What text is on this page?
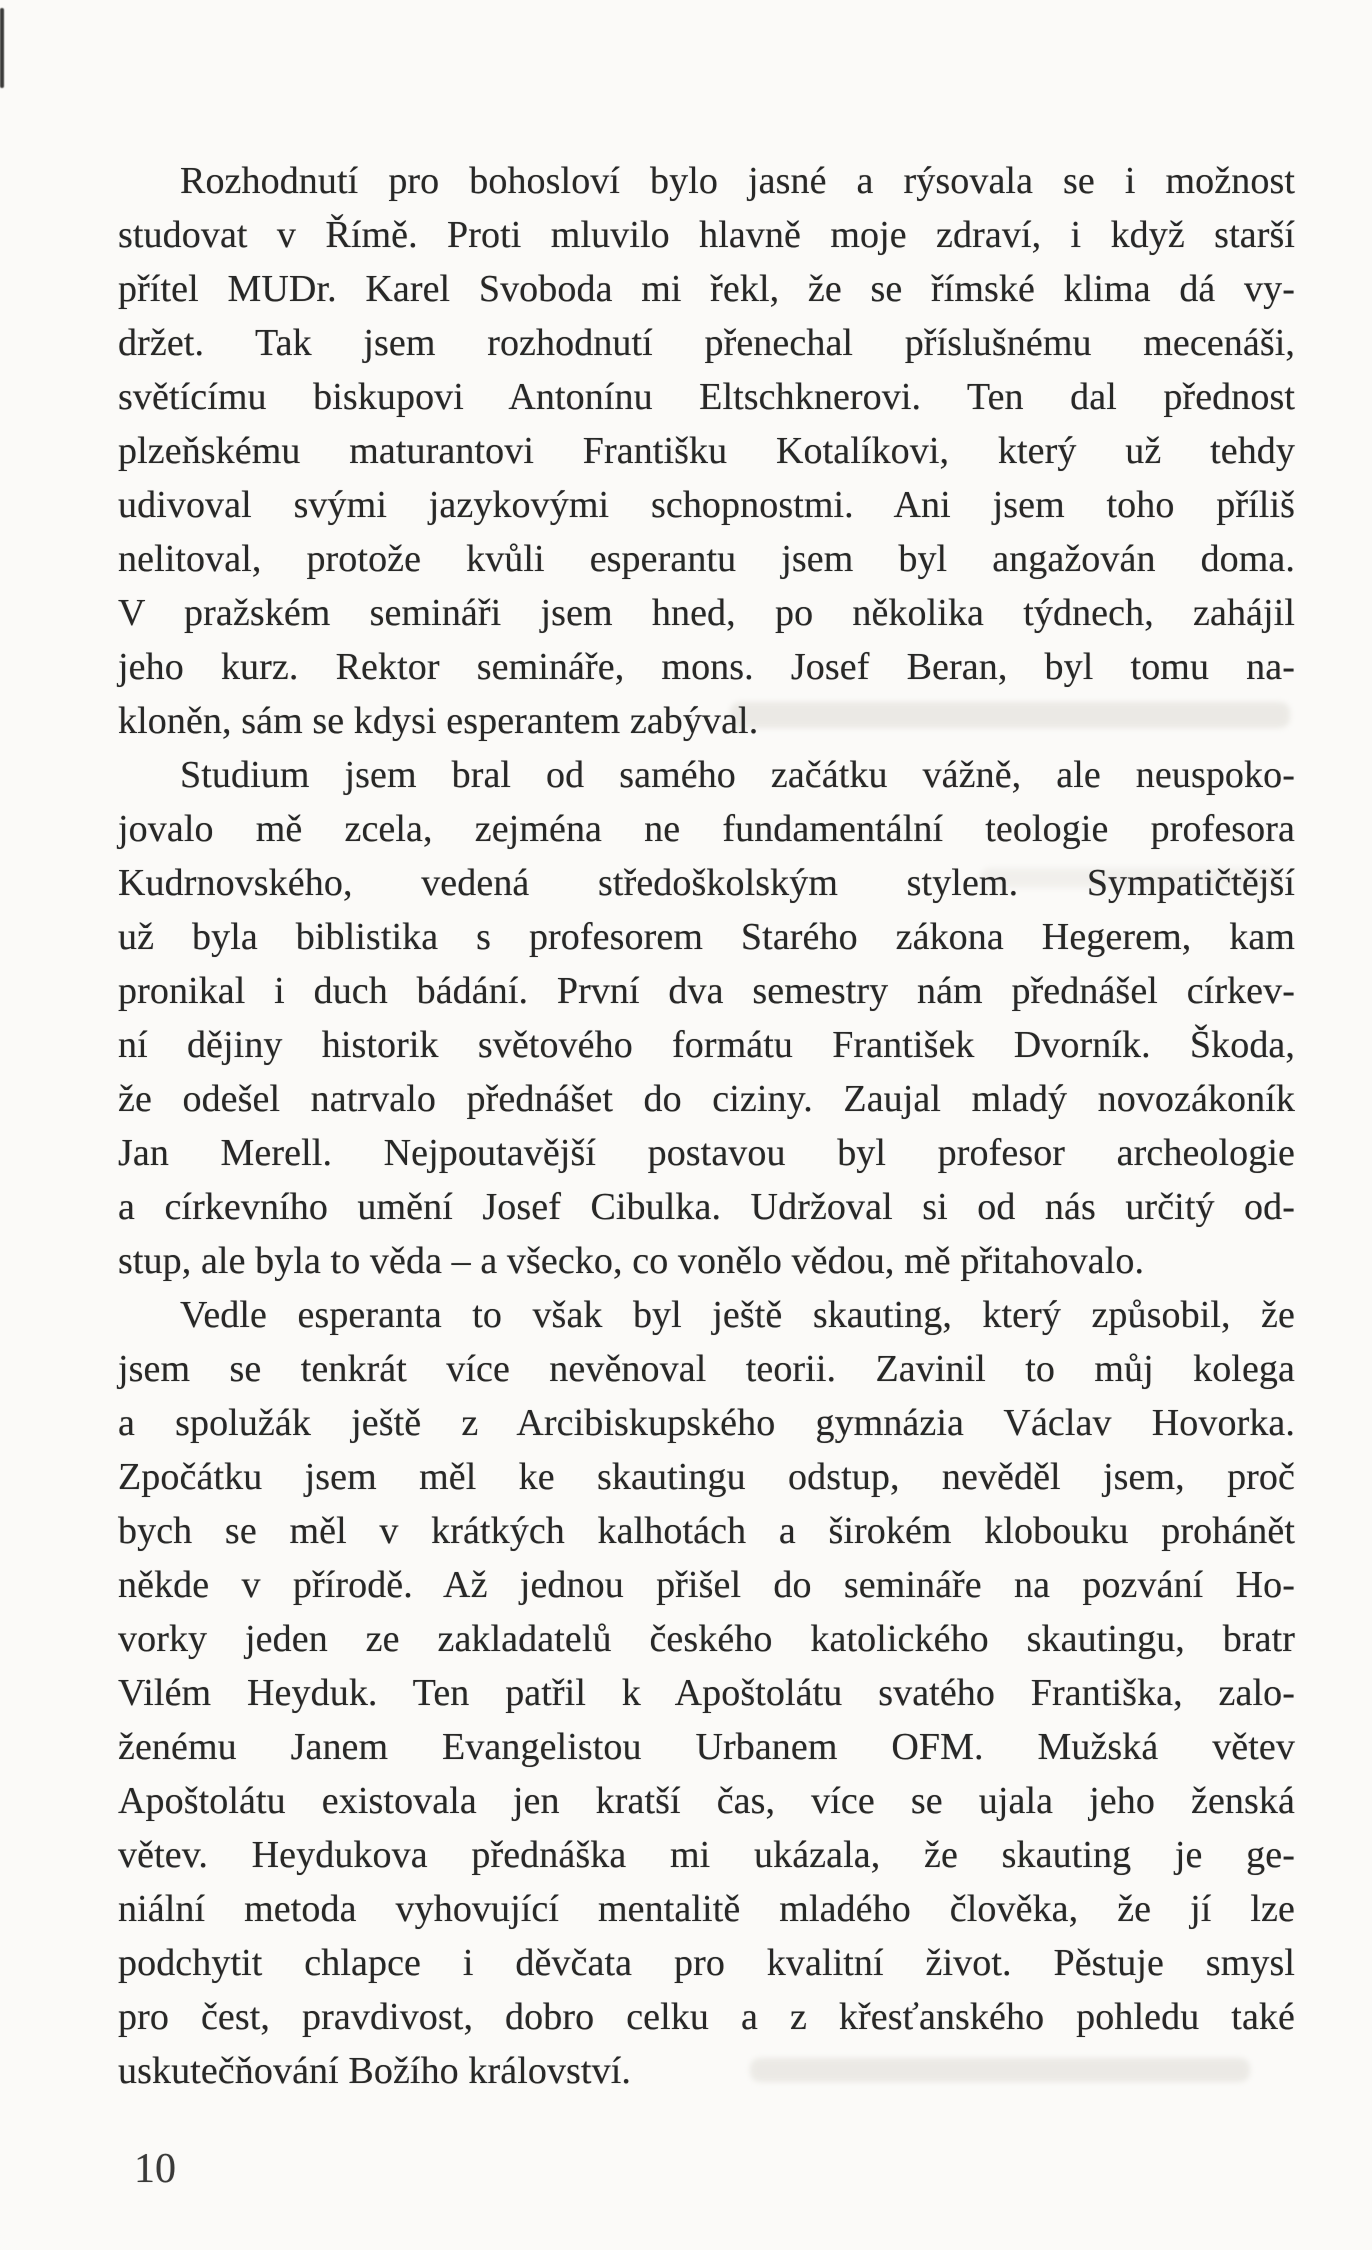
Rozhodnutí pro bohosloví bylo jasné a rýsovala se i možnost
studovat v Římě. Proti mluvilo hlavně moje zdraví, i když starší
přítel MUDr. Karel Svoboda mi řekl, že se římské klima dá vy-
držet. Tak jsem rozhodnutí přenechal příslušnému mecenáši,
světícímu biskupovi Antonínu Eltschknerovi. Ten dal přednost
plzeňskému maturantovi Františku Kotalíkovi, který už tehdy
udivoval svými jazykovými schopnostmi. Ani jsem toho příliš
nelitoval, protože kvůli esperantu jsem byl angažován doma.
V pražském semináři jsem hned, po několika týdnech, zahájil
jeho kurz. Rektor semináře, mons. Josef Beran, byl tomu na-
kloněn, sám se kdysi esperantem zabýval.
Studium jsem bral od samého začátku vážně, ale neuspoko-
jovalo mě zcela, zejména ne fundamentální teologie profesora
Kudrnovského, vedená středoškolským stylem. Sympatičtější
už byla biblistika s profesorem Starého zákona Hegerem, kam
pronikal i duch bádání. První dva semestry nám přednášel církev-
ní dějiny historik světového formátu František Dvorník. Škoda,
že odešel natrvalo přednášet do ciziny. Zaujal mladý novozákoník
Jan Merell. Nejpoutavější postavou byl profesor archeologie
a církevního umění Josef Cibulka. Udržoval si od nás určitý od-
stup, ale byla to věda – a všecko, co vonělo vědou, mě přitahovalo.
Vedle esperanta to však byl ještě skauting, který způsobil, že
jsem se tenkrát více nevěnoval teorii. Zavinil to můj kolega
a spolužák ještě z Arcibiskupského gymnázia Václav Hovorka.
Zpočátku jsem měl ke skautingu odstup, nevěděl jsem, proč
bych se měl v krátkých kalhotách a širokém klobouku prohánět
někde v přírodě. Až jednou přišel do semináře na pozvání Ho-
vorky jeden ze zakladatelů českého katolického skautingu, bratr
Vilém Heyduk. Ten patřil k Apoštolátu svatého Františka, zalo-
ženému Janem Evangelistou Urbanem OFM. Mužská větev
Apoštolátu existovala jen kratší čas, více se ujala jeho ženská
větev. Heydukova přednáška mi ukázala, že skauting je ge-
niální metoda vyhovující mentalitě mladého člověka, že jí lze
podchytit chlapce i děvčata pro kvalitní život. Pěstuje smysl
pro čest, pravdivost, dobro celku a z křesťanského pohledu také
uskutečňování Božího království.
10
